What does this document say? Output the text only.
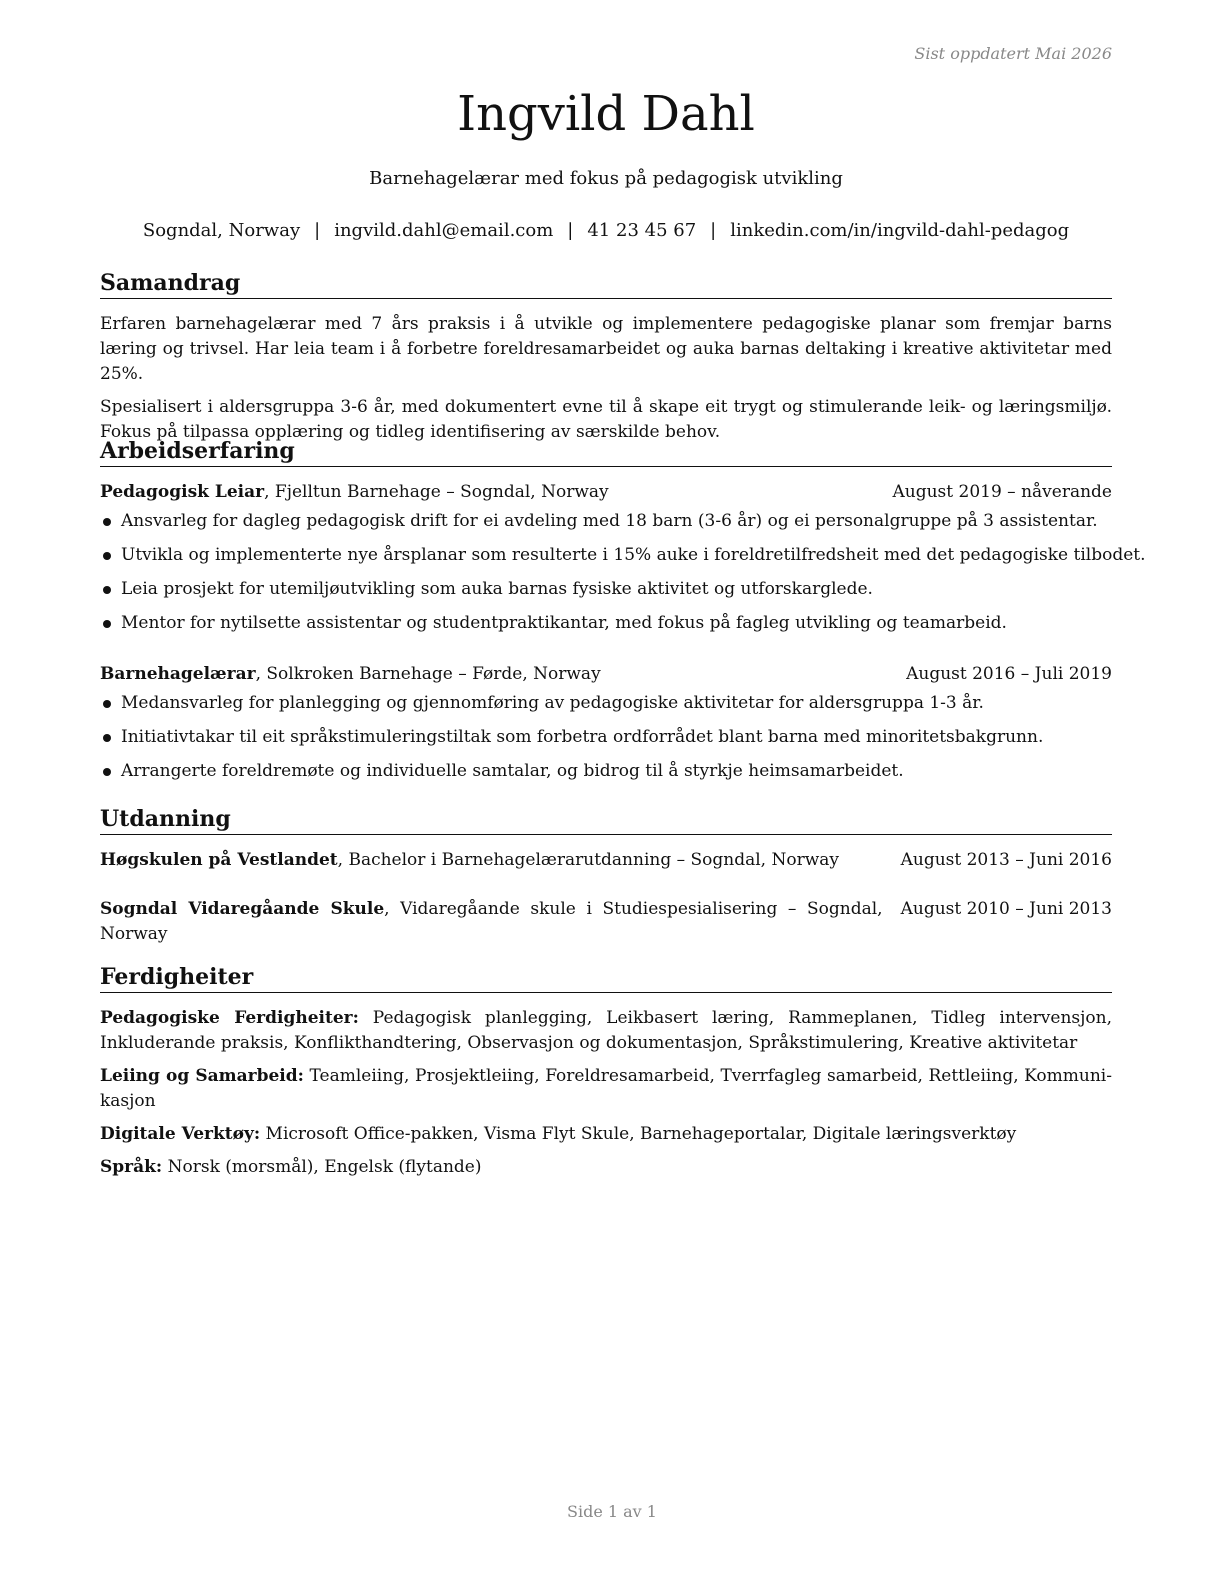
Sist oppdatert Mai 2026
Ingvild Dahl
Barnehagelærar med fokus på pedagogisk utvikling
Sogndal, Norway | ingvild.dahl@email.com | 41 23 45 67 | linkedin.com/in/ingvild-dahl-pedagog
Samandrag

Erfaren barnehagelærar med 7 års praksis i å utvikle og implementere pedagogiske planar som fremjar barns læring og trivsel. Har leia team i å forbetre foreldresamarbeidet og auka barnas deltaking i kreative aktivitetar med 25%.

Spesialisert i aldersgruppa 3-6 år, med dokumentert evne til å skape eit trygt og stimulerande leik- og læringsmiljø. Fokus på tilpassa opplæring og tidleg identifisering av særskilde behov.

Arbeidserfaring
Pedagogisk Leiar, Fjelltun Barnehage – Sogndal, Norway	August 2019 – nåverande
Ansvarleg for dagleg pedagogisk drift for ei avdeling med 18 barn (3-6 år) og ei personalgruppe på 3 assistentar.
Utvikla og implementerte nye årsplanar som resulterte i 15% auke i foreldretilfredsheit med det pedagogiske tilbodet.
Leia prosjekt for utemiljøutvikling som auka barnas fysiske aktivitet og utforskarglede.
Mentor for nytilsette assistentar og studentpraktikantar, med fokus på fagleg utvikling og teamarbeid.
Barnehagelærar, Solkroken Barnehage – Førde, Norway	August 2016 – Juli 2019
Medansvarleg for planlegging og gjennomføring av pedagogiske aktivitetar for aldersgruppa 1-3 år.
Initiativtakar til eit språkstimuleringstiltak som forbetra ordforrådet blant barna med minoritetsbakgrunn.
Arrangerte foreldremøte og individuelle samtalar, og bidrog til å styrkje heimsamarbeidet.
Utdanning
Høgskulen på Vestlandet, Bachelor i Barnehagelærarutdanning – Sogndal, Norway	August 2013 – Juni 2016
Sogndal Vidaregåande Skule, Vidaregåande skule i Studiespesialisering – Sogndal, Norway
August 2010 – Juni 2013
Ferdigheiter

Pedagogiske Ferdigheiter: Pedagogisk planlegging, Leikbasert læring, Rammeplanen, Tidleg intervensjon, Inkluderande praksis, Konflikthandtering, Observasjon og dokumentasjon, Språkstimulering, Kreative aktivitetar

Leiing og Samarbeid: Teamleiing, Prosjektleiing, Foreldresamarbeid, Tverrfagleg samarbeid, Rettleiing, Kommunikasjon

Digitale Verktøy: Microsoft Office-pakken, Visma Flyt Skule, Barnehageportalar, Digitale læringsverktøy

Språk: Norsk (morsmål), Engelsk (flytande)

Side 1 av 1
